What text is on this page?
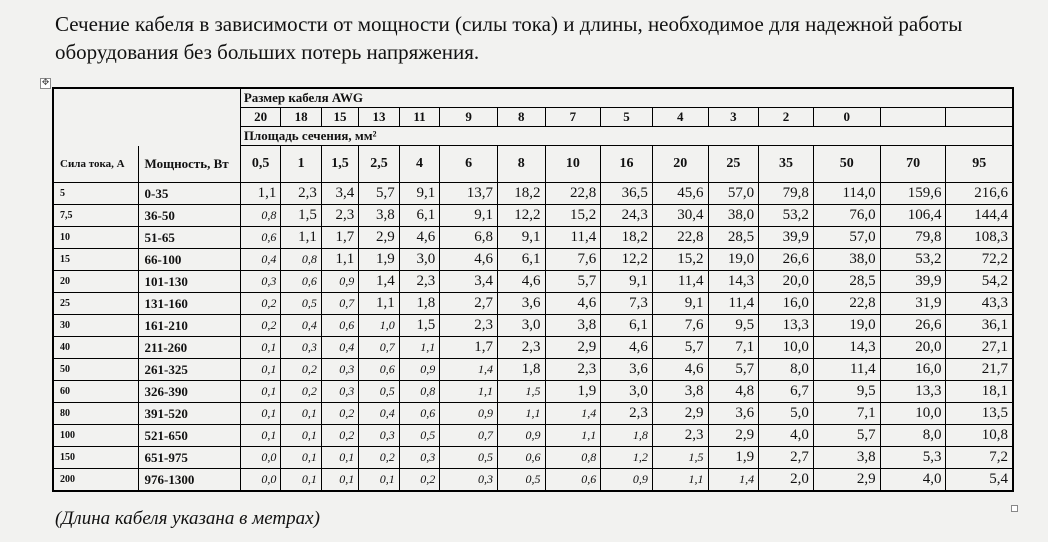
Сечение кабеля в зависимости от мощности (силы тока) и длины, необходимое для надежной работы оборудования без больших потерь напряжения.
✥
		Размер кабеля AWG														
		20	18	15	13	11	9	8	7	5	4	3	2	0		
		Площадь сечения, мм²														
Сила тока, А	Мощность, Вт	0,5	1	1,5	2,5	4	6	8	10	16	20	25	35	50	70	95
5	0-35	1,1	2,3	3,4	5,7	9,1	13,7	18,2	22,8	36,5	45,6	57,0	79,8	114,0	159,6	216,6
7,5	36-50	0,8	1,5	2,3	3,8	6,1	9,1	12,2	15,2	24,3	30,4	38,0	53,2	76,0	106,4	144,4
10	51-65	0,6	1,1	1,7	2,9	4,6	6,8	9,1	11,4	18,2	22,8	28,5	39,9	57,0	79,8	108,3
15	66-100	0,4	0,8	1,1	1,9	3,0	4,6	6,1	7,6	12,2	15,2	19,0	26,6	38,0	53,2	72,2
20	101-130	0,3	0,6	0,9	1,4	2,3	3,4	4,6	5,7	9,1	11,4	14,3	20,0	28,5	39,9	54,2
25	131-160	0,2	0,5	0,7	1,1	1,8	2,7	3,6	4,6	7,3	9,1	11,4	16,0	22,8	31,9	43,3
30	161-210	0,2	0,4	0,6	1,0	1,5	2,3	3,0	3,8	6,1	7,6	9,5	13,3	19,0	26,6	36,1
40	211-260	0,1	0,3	0,4	0,7	1,1	1,7	2,3	2,9	4,6	5,7	7,1	10,0	14,3	20,0	27,1
50	261-325	0,1	0,2	0,3	0,6	0,9	1,4	1,8	2,3	3,6	4,6	5,7	8,0	11,4	16,0	21,7
60	326-390	0,1	0,2	0,3	0,5	0,8	1,1	1,5	1,9	3,0	3,8	4,8	6,7	9,5	13,3	18,1
80	391-520	0,1	0,1	0,2	0,4	0,6	0,9	1,1	1,4	2,3	2,9	3,6	5,0	7,1	10,0	13,5
100	521-650	0,1	0,1	0,2	0,3	0,5	0,7	0,9	1,1	1,8	2,3	2,9	4,0	5,7	8,0	10,8
150	651-975	0,0	0,1	0,1	0,2	0,3	0,5	0,6	0,8	1,2	1,5	1,9	2,7	3,8	5,3	7,2
200	976-1300	0,0	0,1	0,1	0,1	0,2	0,3	0,5	0,6	0,9	1,1	1,4	2,0	2,9	4,0	5,4
(Длина кабеля указана в метрах)
